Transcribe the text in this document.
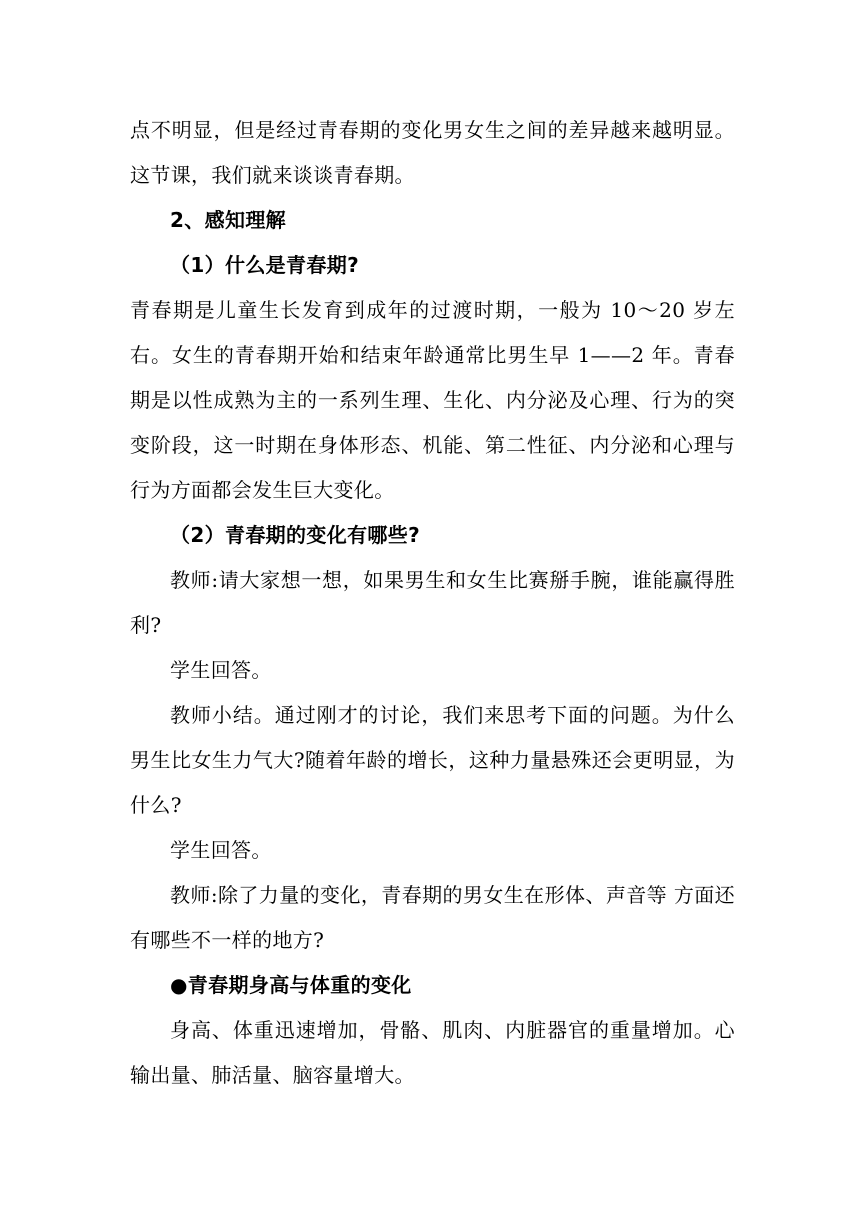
点不明显，但是经过青春期的变化男女生之间的差异越来越明显。这节课，我们就来谈谈青春期。

2、感知理解

（1）什么是青春期?

青春期是儿童生长发育到成年的过渡时期，一般为 10～20 岁左右。女生的青春期开始和结束年龄通常比男生早 1——2 年。青春期是以性成熟为主的一系列生理、生化、内分泌及心理、行为的突变阶段，这一时期在身体形态、机能、第二性征、内分泌和心理与行为方面都会发生巨大变化。

（2）青春期的变化有哪些?

教师:请大家想一想，如果男生和女生比赛掰手腕，谁能赢得胜利?

学生回答。

教师小结。通过刚才的讨论，我们来思考下面的问题。为什么男生比女生力气大?随着年龄的增长，这种力量悬殊还会更明显，为什么?

学生回答。

教师:除了力量的变化，青春期的男女生在形体、声音等 方面还有哪些不一样的地方?

●青春期身高与体重的变化

身高、体重迅速增加，骨骼、肌肉、内脏器官的重量增加。心输出量、肺活量、脑容量增大。
